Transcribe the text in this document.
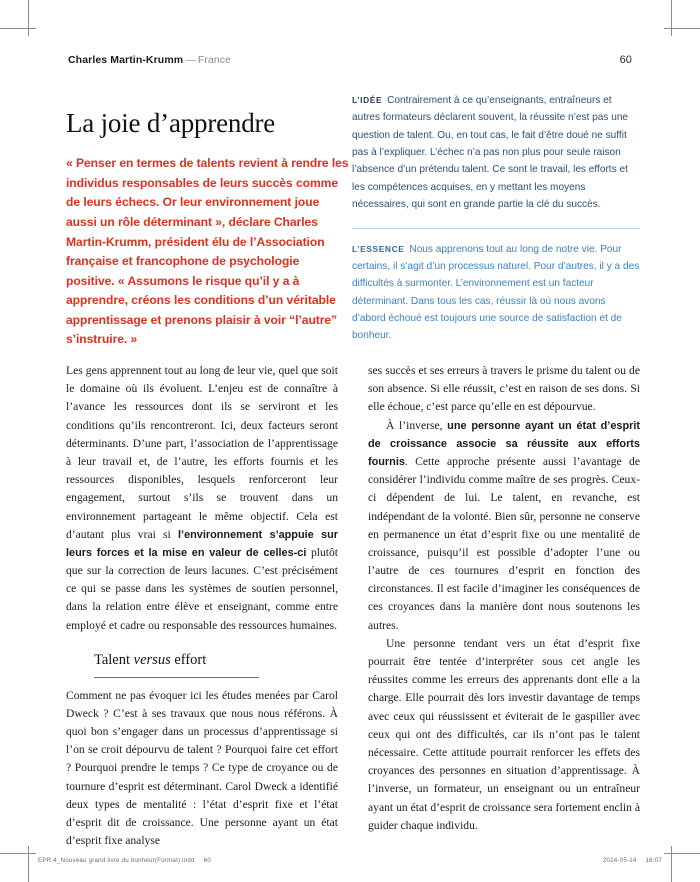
Charles Martin-Krumm — France	60
La joie d’apprendre

« Penser en termes de talents revient à rendre les individus responsables de leurs succès comme de leurs échecs. Or leur environnement joue aussi un rôle déterminant », déclare Charles Martin-Krumm, président élu de l’Association française et francophone de psychologie positive. « Assumons le risque qu’il y a à apprendre, créons les conditions d’un véritable apprentissage et prenons plaisir à voir “l’autre” s’instruire. »

L’IDÉE Contrairement à ce qu’enseignants, entraîneurs et autres formateurs déclarent souvent, la réussite n’est pas une question de talent. Ou, en tout cas, le fait d’être doué ne suffit pas à l’expliquer. L’échec n’a pas non plus pour seule raison l’absence d’un prétendu talent. Ce sont le travail, les efforts et les compétences acquises, en y mettant les moyens nécessaires, qui sont en grande partie la clé du succès.

L’ESSENCE Nous apprenons tout au long de notre vie. Pour certains, il s’agit d’un processus naturel. Pour d’autres, il y a des difficultés à surmonter. L’environnement est un facteur déterminant. Dans tous les cas, réussir là où nous avons d’abord échoué est toujours une source de satisfaction et de bonheur.

Les gens apprennent tout au long de leur vie, quel que soit le domaine où ils évoluent. L’enjeu est de connaître à l’avance les ressources dont ils se serviront et les conditions qu’ils rencontreront. Ici, deux facteurs seront déterminants. D’une part, l’association de l’apprentissage à leur travail et, de l’autre, les efforts fournis et les ressources disponibles, lesquels renforceront leur engagement, surtout s’ils se trouvent dans un environnement partageant le même objectif. Cela est d’autant plus vrai si l’environnement s’appuie sur leurs forces et la mise en valeur de celles-ci plutôt que sur la correction de leurs lacunes. C’est précisément ce qui se passe dans les systèmes de soutien personnel, dans la relation entre élève et enseignant, comme entre employé et cadre ou responsable des ressources humaines.

Talent versus effort

Comment ne pas évoquer ici les études menées par Carol Dweck ? C’est à ses travaux que nous nous référons. À quoi bon s’engager dans un processus d’apprentissage si l’on se croit dépourvu de talent ? Pourquoi faire cet effort ? Pourquoi prendre le temps ? Ce type de croyance ou de tournure d’esprit est déterminant. Carol Dweck a identifié deux types de mentalité : l’état d’esprit fixe et l’état d’esprit dit de croissance. Une personne ayant un état d’esprit fixe analyse

ses succès et ses erreurs à travers le prisme du talent ou de son absence. Si elle réussit, c’est en raison de ses dons. Si elle échoue, c’est parce qu’elle en est dépourvue.

À l’inverse, une personne ayant un état d’esprit de croissance associe sa réussite aux efforts fournis. Cette approche présente aussi l’avantage de considérer l’individu comme maître de ses progrès. Ceux-ci dépendent de lui. Le talent, en revanche, est indépendant de la volonté. Bien sûr, personne ne conserve en permanence un état d’esprit fixe ou une mentalité de croissance, puisqu’il est possible d’adopter l’une ou l’autre de ces tournures d’esprit en fonction des circonstances. Il est facile d’imaginer les conséquences de ces croyances dans la manière dont nous soutenons les autres.

Une personne tendant vers un état d’esprit fixe pourrait être tentée d’interpréter sous cet angle les réussites comme les erreurs des apprenants dont elle a la charge. Elle pourrait dès lors investir davantage de temps avec ceux qui réussissent et éviterait de le gaspiller avec ceux qui ont des difficultés, car ils n’ont pas le talent nécessaire. Cette attitude pourrait renforcer les effets des croyances des personnes en situation d’apprentissage. À l’inverse, un formateur, un enseignant ou un entraîneur ayant un état d’esprit de croissance sera fortement enclin à guider chaque individu.

EPR 4_Nouveau grand livre du bonheur(Format).indd 60	2024-05-14 16:07
